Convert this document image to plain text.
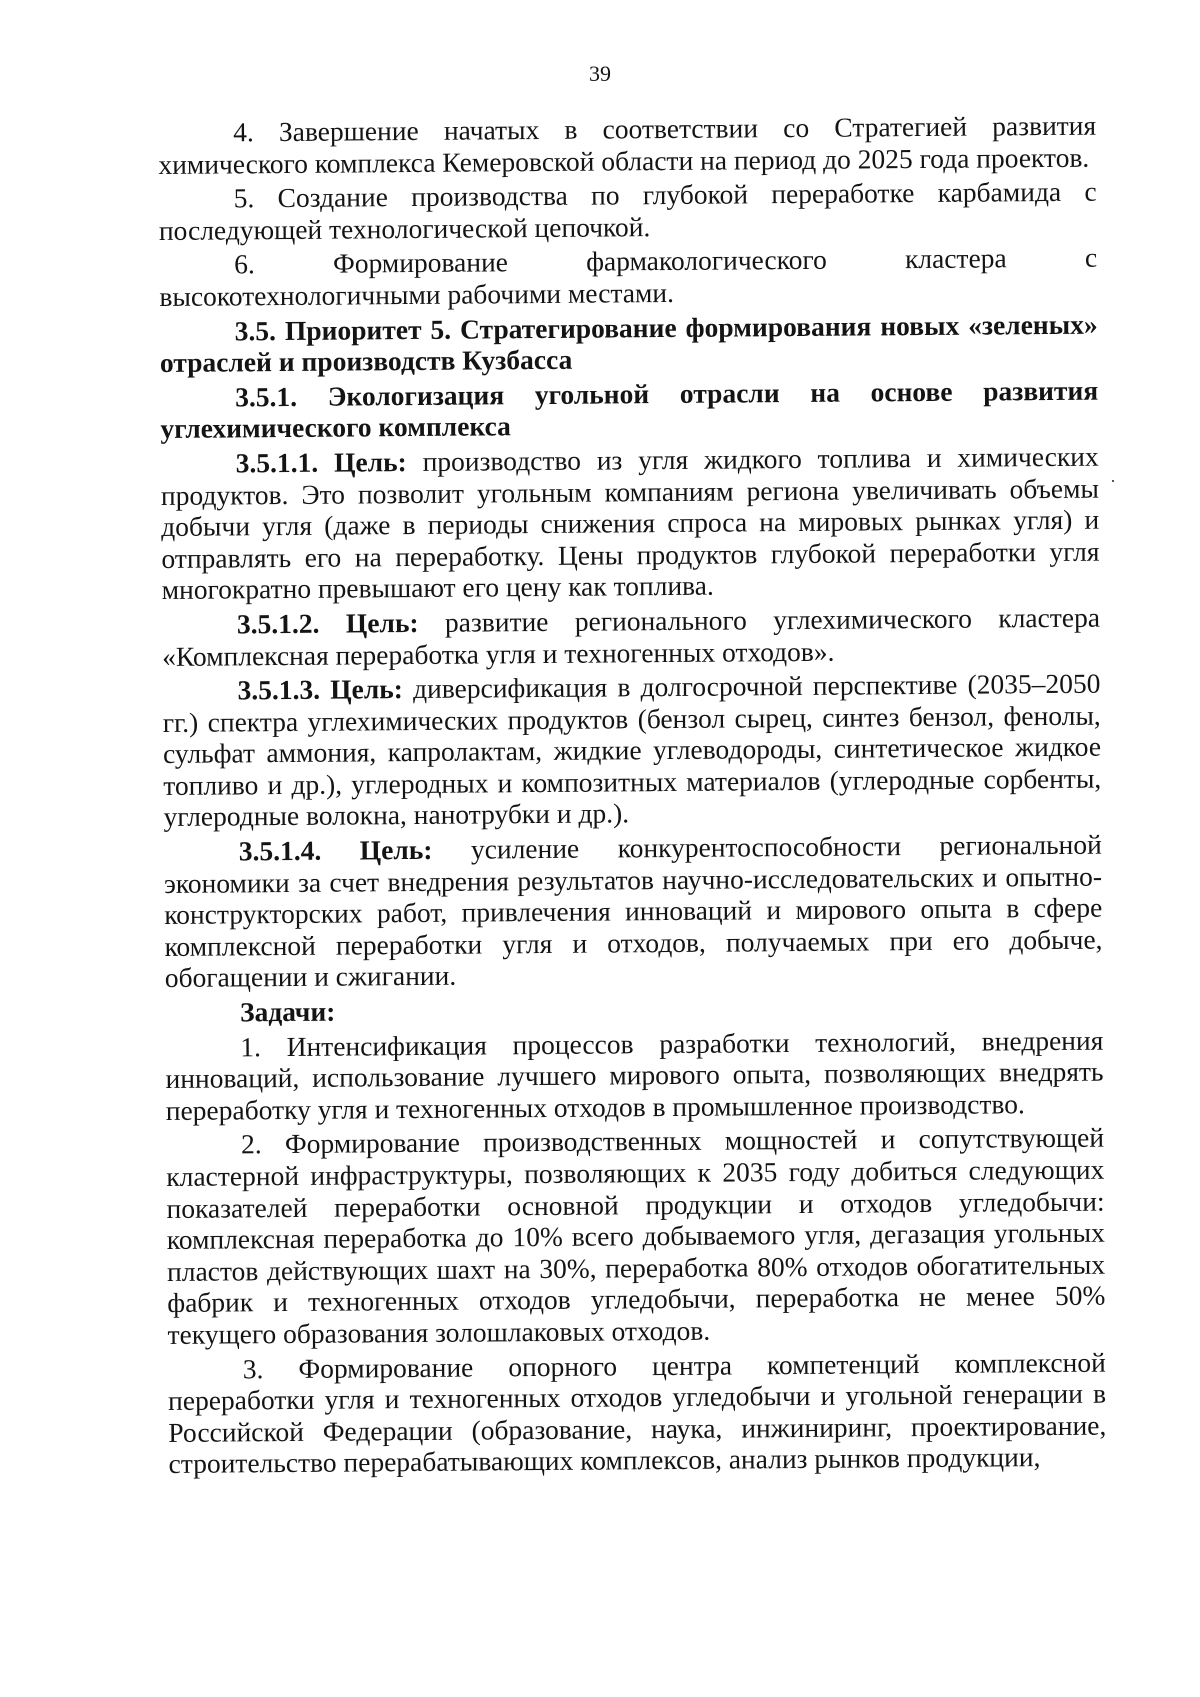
39

4. Завершение начатых в соответствии со Стратегией развития химического комплекса Кемеровской области на период до 2025 года проектов.

5. Создание производства по глубокой переработке карбамида с последующей технологической цепочкой.

6. Формирование фармакологического кластера с

высокотехнологичными рабочими местами.

3.5. Приоритет 5. Стратегирование формирования новых «зеленых» отраслей и производств Кузбасса

3.5.1. Экологизация угольной отрасли на основе развития углехимического комплекса

3.5.1.1. Цель: производство из угля жидкого топлива и химических продуктов. Это позволит угольным компаниям региона увеличивать объемы добычи угля (даже в периоды снижения спроса на мировых рынках угля) и отправлять его на переработку. Цены продуктов глубокой переработки угля многократно превышают его цену как топлива.

3.5.1.2. Цель: развитие регионального углехимического кластера «Комплексная переработка угля и техногенных отходов».

3.5.1.3. Цель: диверсификация в долгосрочной перспективе (2035–2050 гг.) спектра углехимических продуктов (бензол сырец, синтез бензол, фенолы, сульфат аммония, капролактам, жидкие углеводороды, синтетическое жидкое топливо и др.), углеродных и композитных материалов (углеродные сорбенты, углеродные волокна, нанотрубки и др.).

3.5.1.4. Цель: усиление конкурентоспособности региональной экономики за счет внедрения результатов научно-исследовательских и опытно-конструкторских работ, привлечения инноваций и мирового опыта в сфере комплексной переработки угля и отходов, получаемых при его добыче, обогащении и сжигании.

Задачи:

1. Интенсификация процессов разработки технологий, внедрения инноваций, использование лучшего мирового опыта, позволяющих внедрять переработку угля и техногенных отходов в промышленное производство.

2. Формирование производственных мощностей и сопутствующей кластерной инфраструктуры, позволяющих к 2035 году добиться следующих показателей переработки основной продукции и отходов угледобычи: комплексная переработка до 10% всего добываемого угля, дегазация угольных пластов действующих шахт на 30%, переработка 80% отходов обогатительных фабрик и техногенных отходов угледобычи, переработка не менее 50% текущего образования золошлаковых отходов.

3. Формирование опорного центра компетенций комплексной переработки угля и техногенных отходов угледобычи и угольной генерации в Российской Федерации (образование, наука, инжиниринг, проектирование, строительство перерабатывающих комплексов, анализ рынков продукции,
